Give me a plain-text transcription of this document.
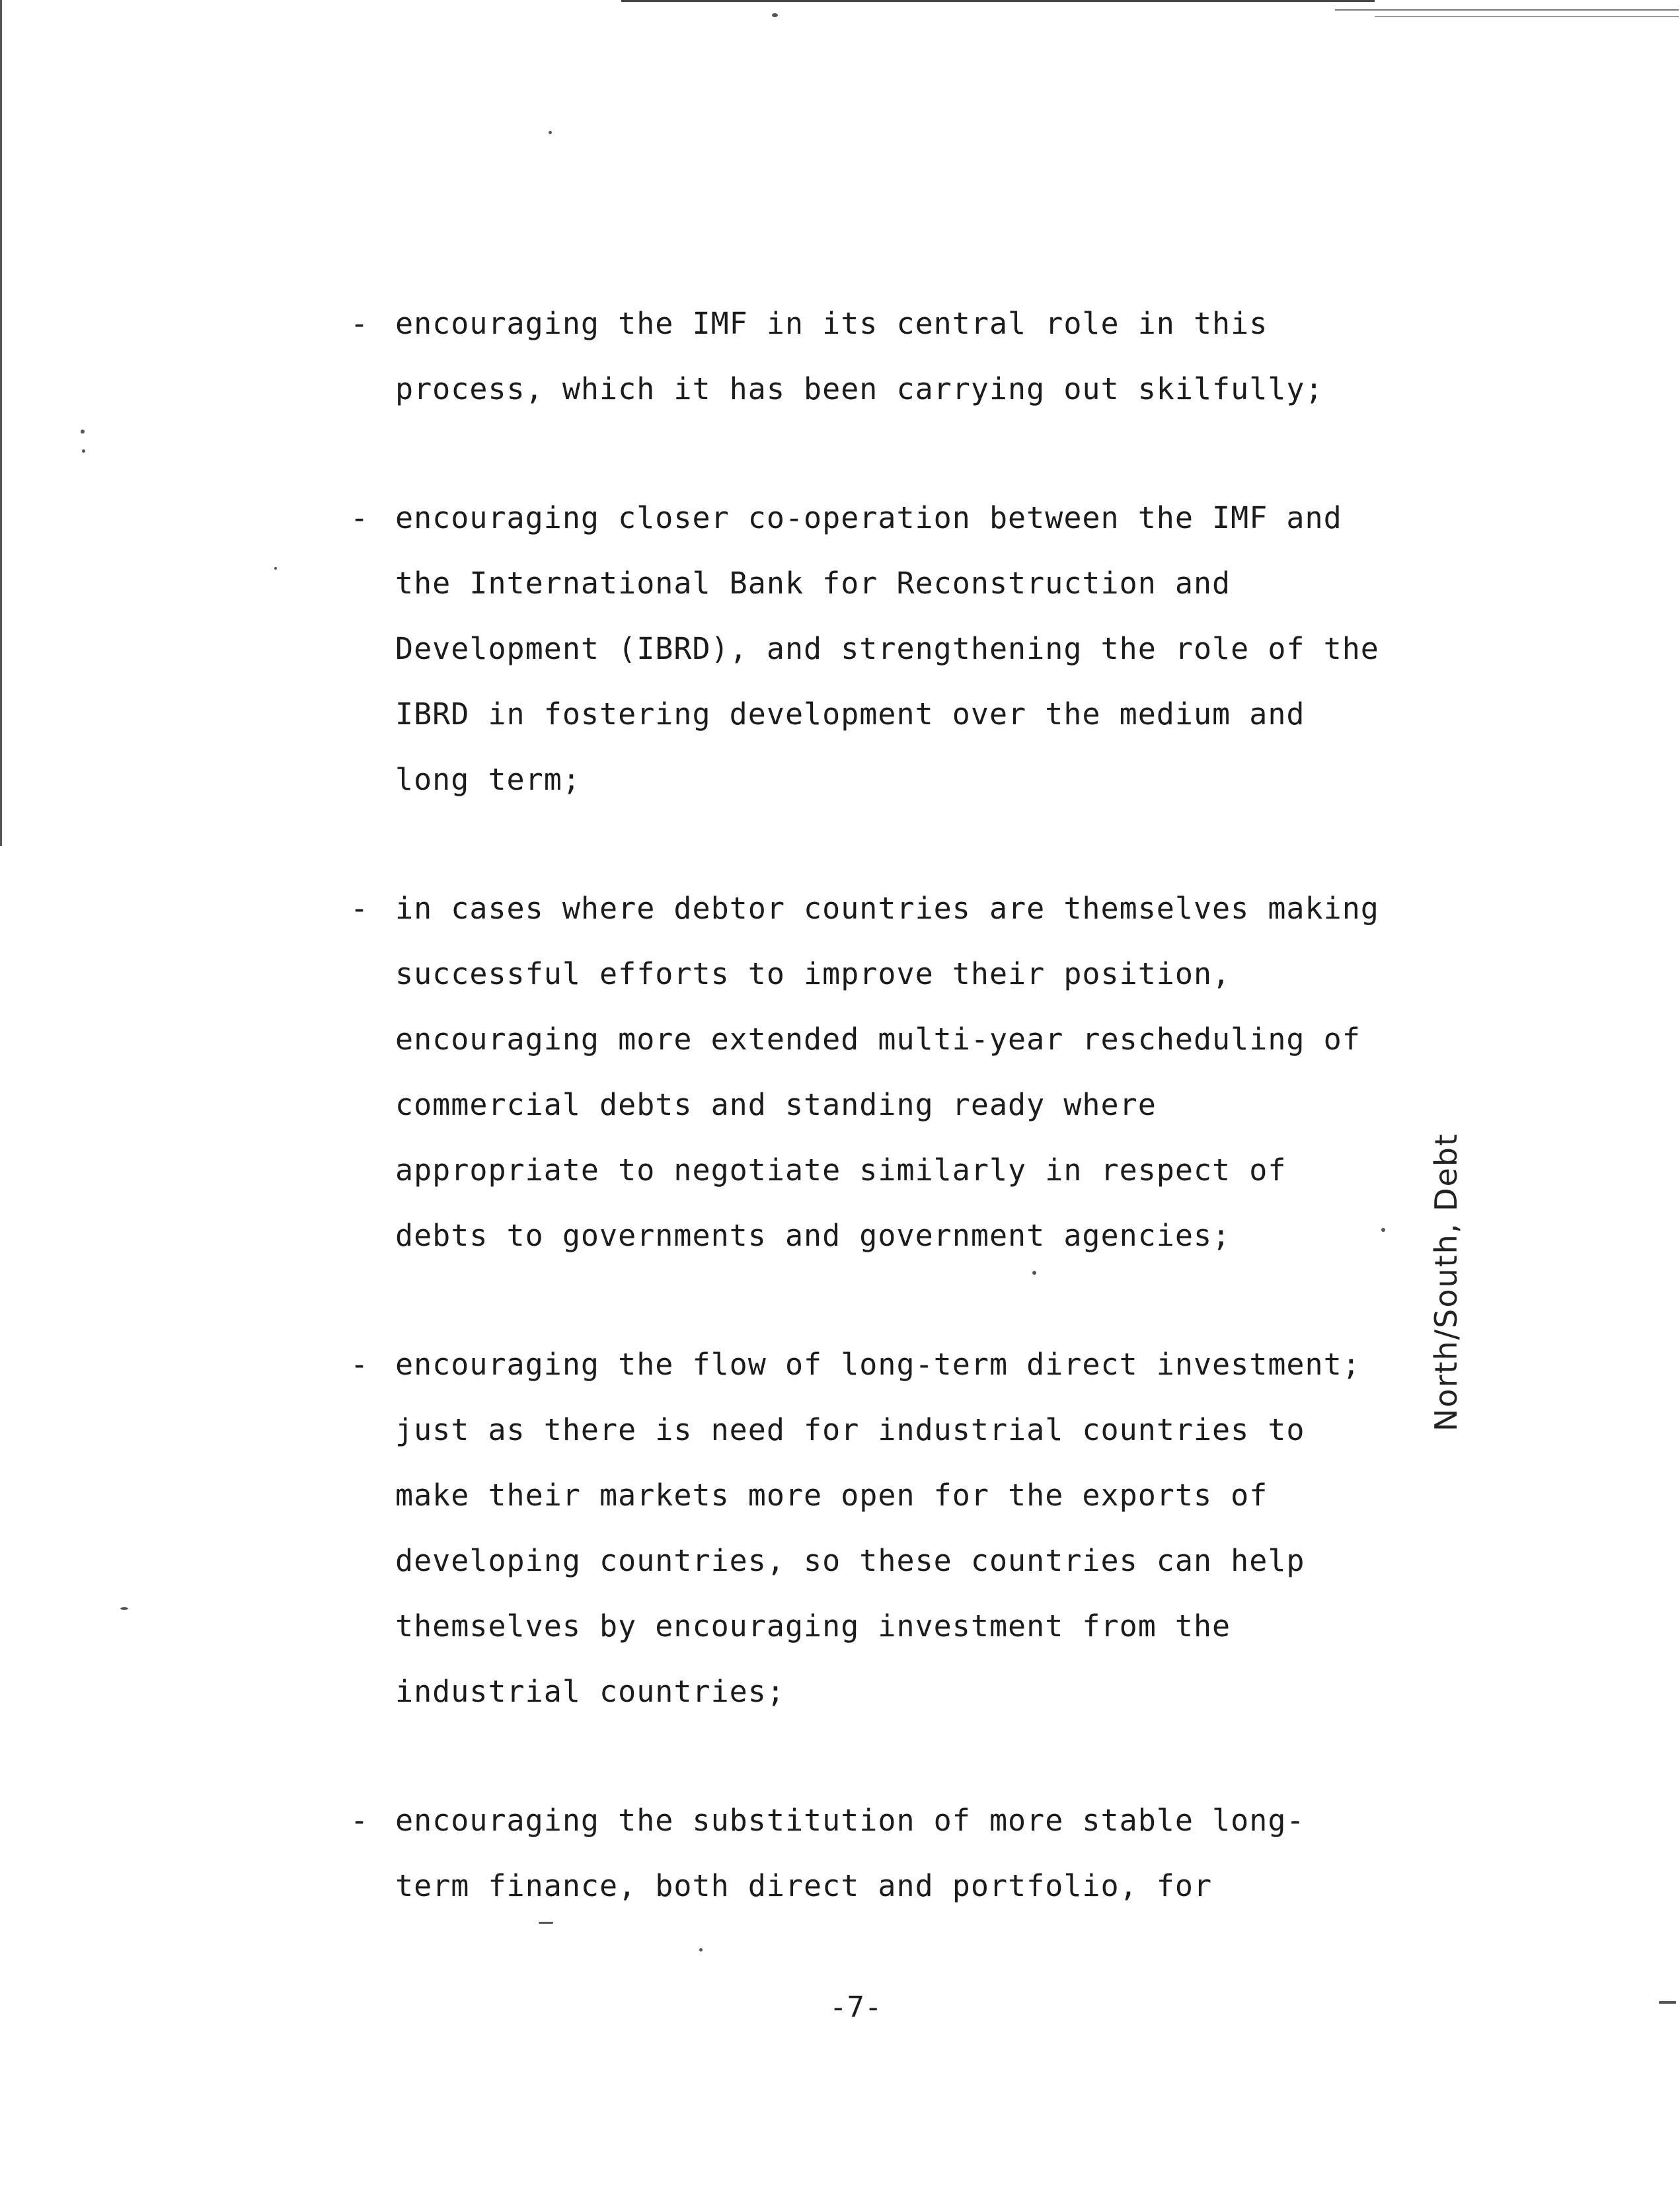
- encouraging the IMF in its central role in this
process, which it has been carrying out skilfully;
- encouraging closer co-operation between the IMF and
the International Bank for Reconstruction and
Development (IBRD), and strengthening the role of the
IBRD in fostering development over the medium and
long term;
- in cases where debtor countries are themselves making
successful efforts to improve their position,
encouraging more extended multi-year rescheduling of
commercial debts and standing ready where
appropriate to negotiate similarly in respect of
debts to governments and government agencies;
- encouraging the flow of long-term direct investment;
just as there is need for industrial countries to
make their markets more open for the exports of
developing countries, so these countries can help
themselves by encouraging investment from the
industrial countries;
- encouraging the substitution of more stable long-
term finance, both direct and portfolio, for
North/South, Debt
-7-
